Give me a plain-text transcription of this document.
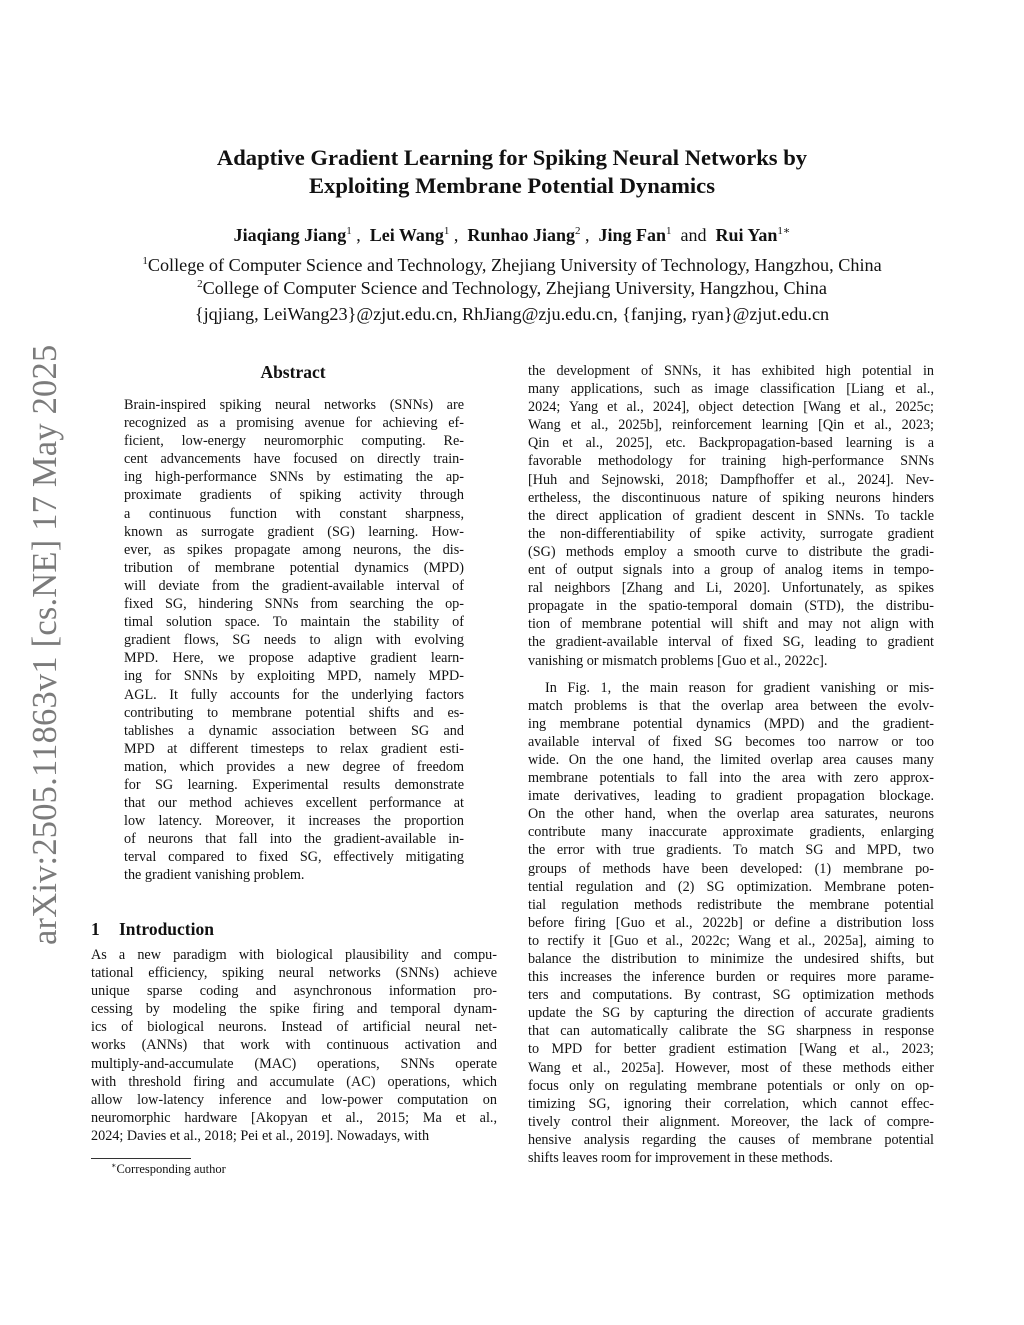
arXiv:2505.11863v1 [cs.NE] 17 May 2025
Adaptive Gradient Learning for Spiking Neural Networks by
Exploiting Membrane Potential Dynamics
Jiaqiang Jiang$^1$ ,  Lei Wang$^1$ ,  Runhao Jiang$^2$ ,  Jing Fan$^1$ and Rui Yan$^{1∗}$
$^1$College of Computer Science and Technology, Zhejiang University of Technology, Hangzhou, China
$^2$College of Computer Science and Technology, Zhejiang University, Hangzhou, China
{jqjiang, LeiWang23}@zjut.edu.cn, RhJiang@zju.edu.cn, {fanjing, ryan}@zjut.edu.cn
Abstract
Brain-inspired spiking neural networks (SNNs) are
recognized as a promising avenue for achieving ef-
ficient, low-energy neuromorphic computing. Re-
cent advancements have focused on directly train-
ing high-performance SNNs by estimating the ap-
proximate gradients of spiking activity through
a continuous function with constant sharpness,
known as surrogate gradient (SG) learning. How-
ever, as spikes propagate among neurons, the dis-
tribution of membrane potential dynamics (MPD)
will deviate from the gradient-available interval of
fixed SG, hindering SNNs from searching the op-
timal solution space. To maintain the stability of
gradient flows, SG needs to align with evolving
MPD. Here, we propose adaptive gradient learn-
ing for SNNs by exploiting MPD, namely MPD-
AGL. It fully accounts for the underlying factors
contributing to membrane potential shifts and es-
tablishes a dynamic association between SG and
MPD at different timesteps to relax gradient esti-
mation, which provides a new degree of freedom
for SG learning. Experimental results demonstrate
that our method achieves excellent performance at
low latency. Moreover, it increases the proportion
of neurons that fall into the gradient-available in-
terval compared to fixed SG, effectively mitigating
the gradient vanishing problem.
1 Introduction
As a new paradigm with biological plausibility and compu-
tational efficiency, spiking neural networks (SNNs) achieve
unique sparse coding and asynchronous information pro-
cessing by modeling the spike firing and temporal dynam-
ics of biological neurons. Instead of artificial neural net-
works (ANNs) that work with continuous activation and
multiply-and-accumulate (MAC) operations, SNNs operate
with threshold firing and accumulate (AC) operations, which
allow low-latency inference and low-power computation on
neuromorphic hardware [Akopyan et al., 2015; Ma et al.,
2024; Davies et al., 2018; Pei et al., 2019]. Nowadays, with
the development of SNNs, it has exhibited high potential in
many applications, such as image classification [Liang et al.,
2024; Yang et al., 2024], object detection [Wang et al., 2025c;
Wang et al., 2025b], reinforcement learning [Qin et al., 2023;
Qin et al., 2025], etc. Backpropagation-based learning is a
favorable methodology for training high-performance SNNs
[Huh and Sejnowski, 2018; Dampfhoffer et al., 2024]. Nev-
ertheless, the discontinuous nature of spiking neurons hinders
the direct application of gradient descent in SNNs. To tackle
the non-differentiability of spike activity, surrogate gradient
(SG) methods employ a smooth curve to distribute the gradi-
ent of output signals into a group of analog items in tempo-
ral neighbors [Zhang and Li, 2020]. Unfortunately, as spikes
propagate in the spatio-temporal domain (STD), the distribu-
tion of membrane potential will shift and may not align with
the gradient-available interval of fixed SG, leading to gradient
vanishing or mismatch problems [Guo et al., 2022c].
In Fig. 1, the main reason for gradient vanishing or mis-
match problems is that the overlap area between the evolv-
ing membrane potential dynamics (MPD) and the gradient-
available interval of fixed SG becomes too narrow or too
wide. On the one hand, the limited overlap area causes many
membrane potentials to fall into the area with zero approx-
imate derivatives, leading to gradient propagation blockage.
On the other hand, when the overlap area saturates, neurons
contribute many inaccurate approximate gradients, enlarging
the error with true gradients. To match SG and MPD, two
groups of methods have been developed: (1) membrane po-
tential regulation and (2) SG optimization. Membrane poten-
tial regulation methods redistribute the membrane potential
before firing [Guo et al., 2022b] or define a distribution loss
to rectify it [Guo et al., 2022c; Wang et al., 2025a], aiming to
balance the distribution to minimize the undesired shifts, but
this increases the inference burden or requires more parame-
ters and computations. By contrast, SG optimization methods
update the SG by capturing the direction of accurate gradients
that can automatically calibrate the SG sharpness in response
to MPD for better gradient estimation [Wang et al., 2023;
Wang et al., 2025a]. However, most of these methods either
focus only on regulating membrane potentials or only on op-
timizing SG, ignoring their correlation, which cannot effec-
tively control their alignment. Moreover, the lack of compre-
hensive analysis regarding the causes of membrane potential
shifts leaves room for improvement in these methods.
∗Corresponding author
